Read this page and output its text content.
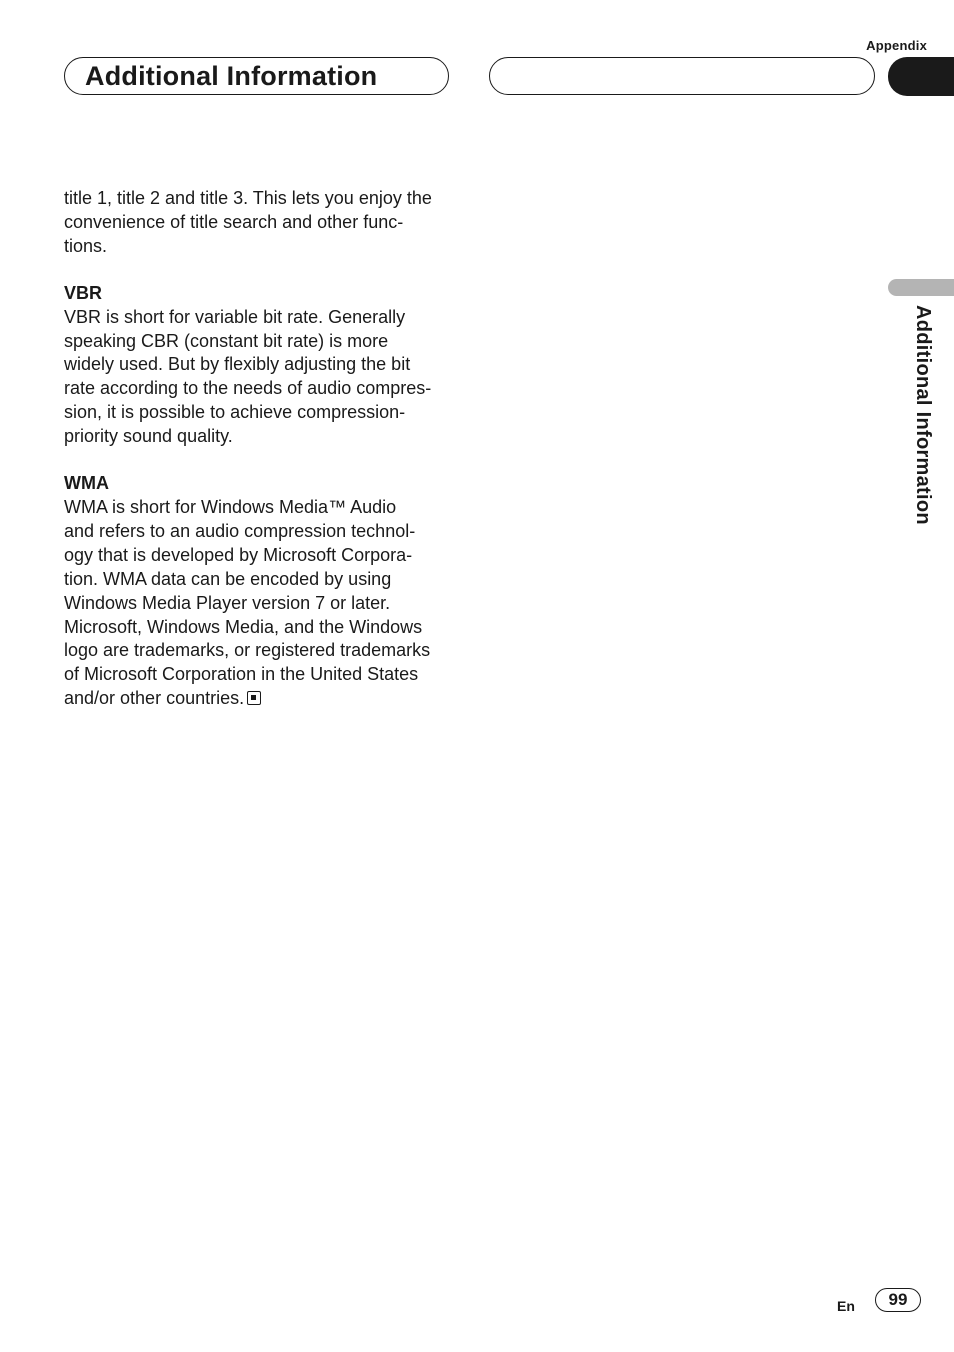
Appendix
Additional Information
Additional Information

title 1, title 2 and title 3. This lets you enjoy the
convenience of title search and other func-
tions.

VBR

VBR is short for variable bit rate. Generally
speaking CBR (constant bit rate) is more
widely used. But by flexibly adjusting the bit
rate according to the needs of audio compres-
sion, it is possible to achieve compression-
priority sound quality.

WMA

WMA is short for Windows Media™ Audio
and refers to an audio compression technol-
ogy that is developed by Microsoft Corpora-
tion. WMA data can be encoded by using
Windows Media Player version 7 or later.
Microsoft, Windows Media, and the Windows
logo are trademarks, or registered trademarks
of Microsoft Corporation in the United States
and/or other countries.

En	99
